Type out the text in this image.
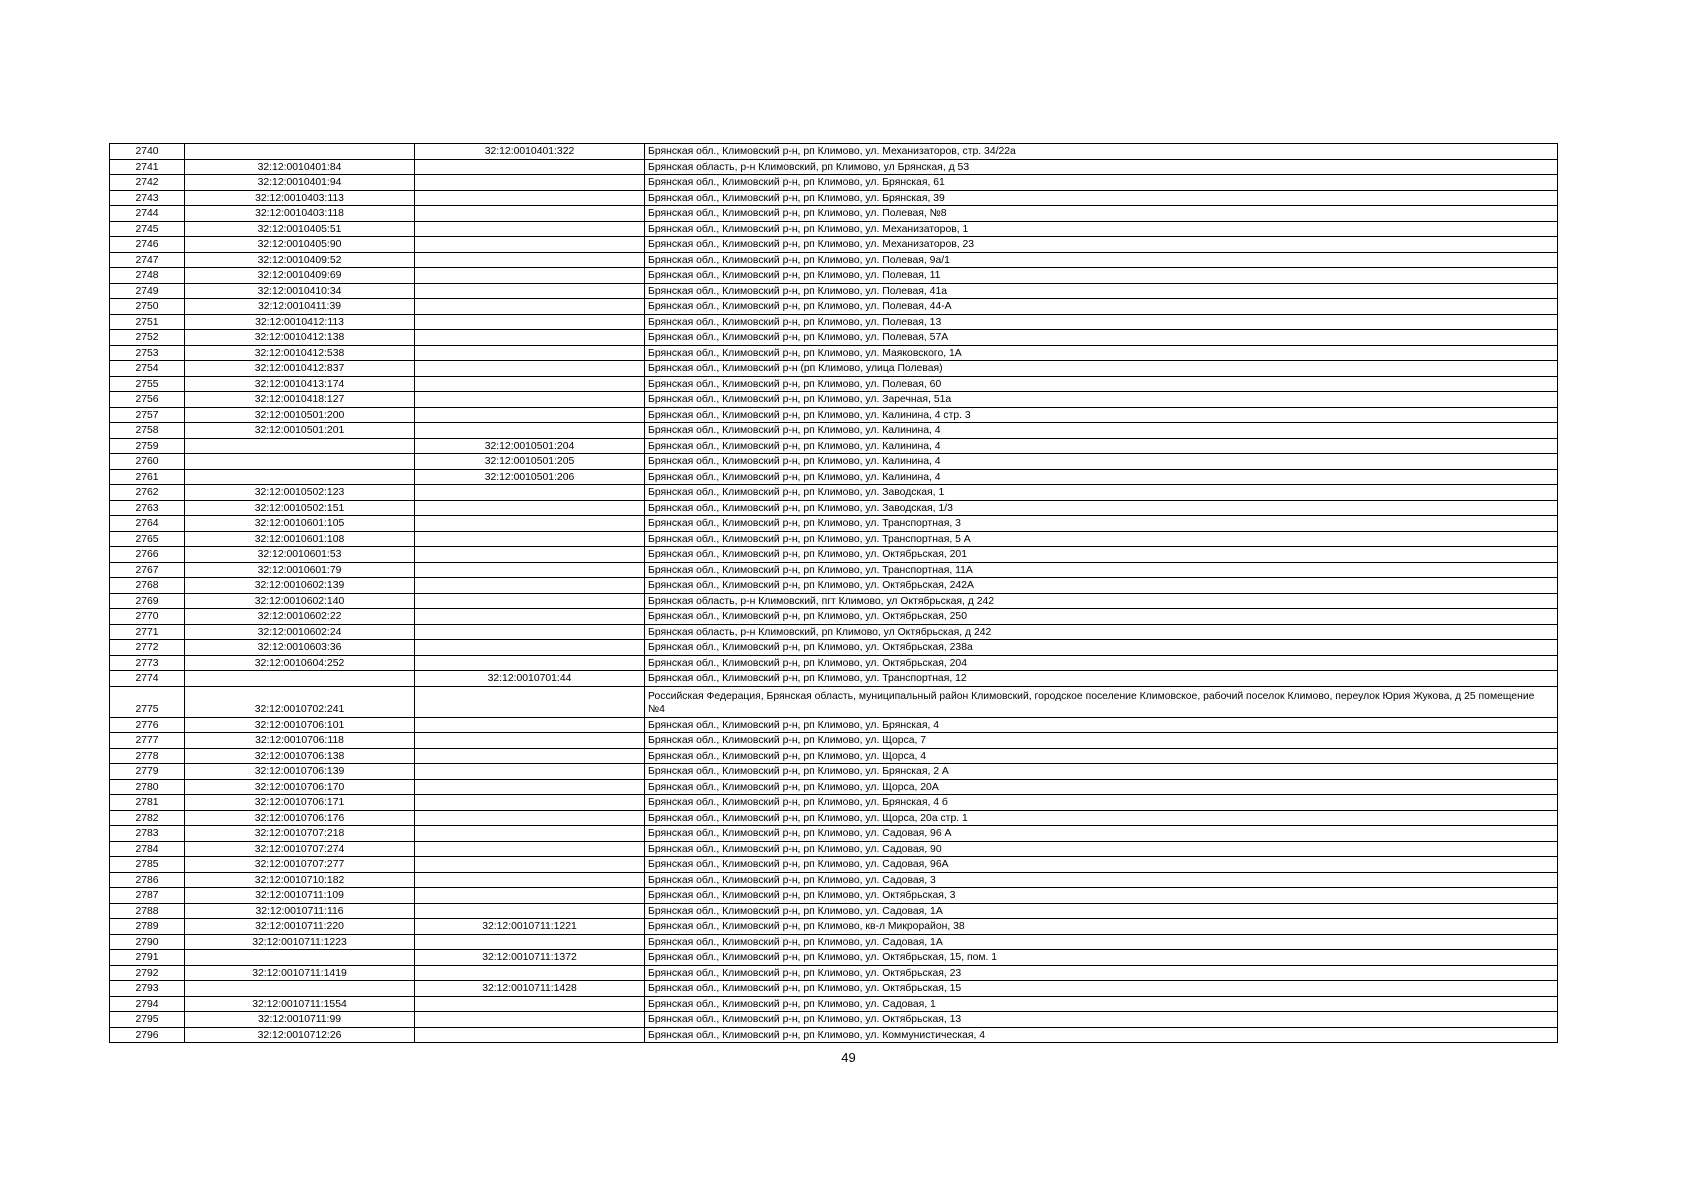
2740		32:12:0010401:322	Брянская обл., Климовский р-н, рп Климово, ул. Механизаторов, стр. 34/22а
2741	32:12:0010401:84		Брянская область, р-н Климовский, рп Климово, ул Брянская, д 53
2742	32:12:0010401:94		Брянская обл., Климовский р-н, рп Климово, ул. Брянская, 61
2743	32:12:0010403:113		Брянская обл., Климовский р-н, рп Климово, ул. Брянская, 39
2744	32:12:0010403:118		Брянская обл., Климовский р-н, рп Климово, ул. Полевая, №8
2745	32:12:0010405:51		Брянская обл., Климовский р-н, рп Климово, ул. Механизаторов, 1
2746	32:12:0010405:90		Брянская обл., Климовский р-н, рп Климово, ул. Механизаторов, 23
2747	32:12:0010409:52		Брянская обл., Климовский р-н, рп Климово, ул. Полевая, 9а/1
2748	32:12:0010409:69		Брянская обл., Климовский р-н, рп Климово, ул. Полевая, 11
2749	32:12:0010410:34		Брянская обл., Климовский р-н, рп Климово, ул. Полевая, 41а
2750	32:12:0010411:39		Брянская обл., Климовский р-н, рп Климово, ул. Полевая, 44-А
2751	32:12:0010412:113		Брянская обл., Климовский р-н, рп Климово, ул. Полевая, 13
2752	32:12:0010412:138		Брянская обл., Климовский р-н, рп Климово, ул. Полевая, 57А
2753	32:12:0010412:538		Брянская обл., Климовский р-н, рп Климово, ул. Маяковского, 1А
2754	32:12:0010412:837		Брянская обл., Климовский р-н (рп Климово, улица Полевая)
2755	32:12:0010413:174		Брянская обл., Климовский р-н, рп Климово, ул. Полевая, 60
2756	32:12:0010418:127		Брянская обл., Климовский р-н, рп Климово, ул. Заречная, 51а
2757	32:12:0010501:200		Брянская обл., Климовский р-н, рп Климово, ул. Калинина, 4 стр. 3
2758	32:12:0010501:201		Брянская обл., Климовский р-н, рп Климово, ул. Калинина, 4
2759		32:12:0010501:204	Брянская обл., Климовский р-н, рп Климово, ул. Калинина, 4
2760		32:12:0010501:205	Брянская обл., Климовский р-н, рп Климово, ул. Калинина, 4
2761		32:12:0010501:206	Брянская обл., Климовский р-н, рп Климово, ул. Калинина, 4
2762	32:12:0010502:123		Брянская обл., Климовский р-н, рп Климово, ул. Заводская, 1
2763	32:12:0010502:151		Брянская обл., Климовский р-н, рп Климово, ул. Заводская, 1/3
2764	32:12:0010601:105		Брянская обл., Климовский р-н, рп Климово, ул. Транспортная, 3
2765	32:12:0010601:108		Брянская обл., Климовский р-н, рп Климово, ул. Транспортная, 5 А
2766	32:12:0010601:53		Брянская обл., Климовский р-н, рп Климово, ул. Октябрьская, 201
2767	32:12:0010601:79		Брянская обл., Климовский р-н, рп Климово, ул. Транспортная, 11А
2768	32:12:0010602:139		Брянская обл., Климовский р-н, рп Климово, ул. Октябрьская, 242А
2769	32:12:0010602:140		Брянская область, р-н Климовский, пгт Климово, ул Октябрьская, д 242
2770	32:12:0010602:22		Брянская обл., Климовский р-н, рп Климово, ул. Октябрьская, 250
2771	32:12:0010602:24		Брянская область, р-н Климовский, рп Климово, ул Октябрьская, д 242
2772	32:12:0010603:36		Брянская обл., Климовский р-н, рп Климово, ул. Октябрьская, 238а
2773	32:12:0010604:252		Брянская обл., Климовский р-н, рп Климово, ул. Октябрьская, 204
2774		32:12:0010701:44	Брянская обл., Климовский р-н, рп Климово, ул. Транспортная, 12
2775	32:12:0010702:241		Российская Федерация, Брянская область, муниципальный район Климовский, городское поселение Климовское, рабочий поселок Климово, переулок Юрия Жукова, д 25 помещение №4
2776	32:12:0010706:101		Брянская обл., Климовский р-н, рп Климово, ул. Брянская, 4
2777	32:12:0010706:118		Брянская обл., Климовский р-н, рп Климово, ул. Щорса, 7
2778	32:12:0010706:138		Брянская обл., Климовский р-н, рп Климово, ул. Щорса, 4
2779	32:12:0010706:139		Брянская обл., Климовский р-н, рп Климово, ул. Брянская, 2 А
2780	32:12:0010706:170		Брянская обл., Климовский р-н, рп Климово, ул. Щорса, 20А
2781	32:12:0010706:171		Брянская обл., Климовский р-н, рп Климово, ул. Брянская, 4 б
2782	32:12:0010706:176		Брянская обл., Климовский р-н, рп Климово, ул. Щорса, 20а стр. 1
2783	32:12:0010707:218		Брянская обл., Климовский р-н, рп Климово, ул. Садовая, 96 А
2784	32:12:0010707:274		Брянская обл., Климовский р-н, рп Климово, ул. Садовая, 90
2785	32:12:0010707:277		Брянская обл., Климовский р-н, рп Климово, ул. Садовая, 96А
2786	32:12:0010710:182		Брянская обл., Климовский р-н, рп Климово, ул. Садовая, 3
2787	32:12:0010711:109		Брянская обл., Климовский р-н, рп Климово, ул. Октябрьская, 3
2788	32:12:0010711:116		Брянская обл., Климовский р-н, рп Климово, ул. Садовая, 1А
2789	32:12:0010711:220	32:12:0010711:1221	Брянская обл., Климовский р-н, рп Климово, кв-л Микрорайон, 38
2790	32:12:0010711:1223		Брянская обл., Климовский р-н, рп Климово, ул. Садовая, 1А
2791		32:12:0010711:1372	Брянская обл., Климовский р-н, рп Климово, ул. Октябрьская, 15, пом. 1
2792	32:12:0010711:1419		Брянская обл., Климовский р-н, рп Климово, ул. Октябрьская, 23
2793		32:12:0010711:1428	Брянская обл., Климовский р-н, рп Климово, ул. Октябрьская, 15
2794	32:12:0010711:1554		Брянская обл., Климовский р-н, рп Климово, ул. Садовая, 1
2795	32:12:0010711:99		Брянская обл., Климовский р-н, рп Климово, ул. Октябрьская, 13
2796	32:12:0010712:26		Брянская обл., Климовский р-н, рп Климово, ул. Коммунистическая, 4
49
